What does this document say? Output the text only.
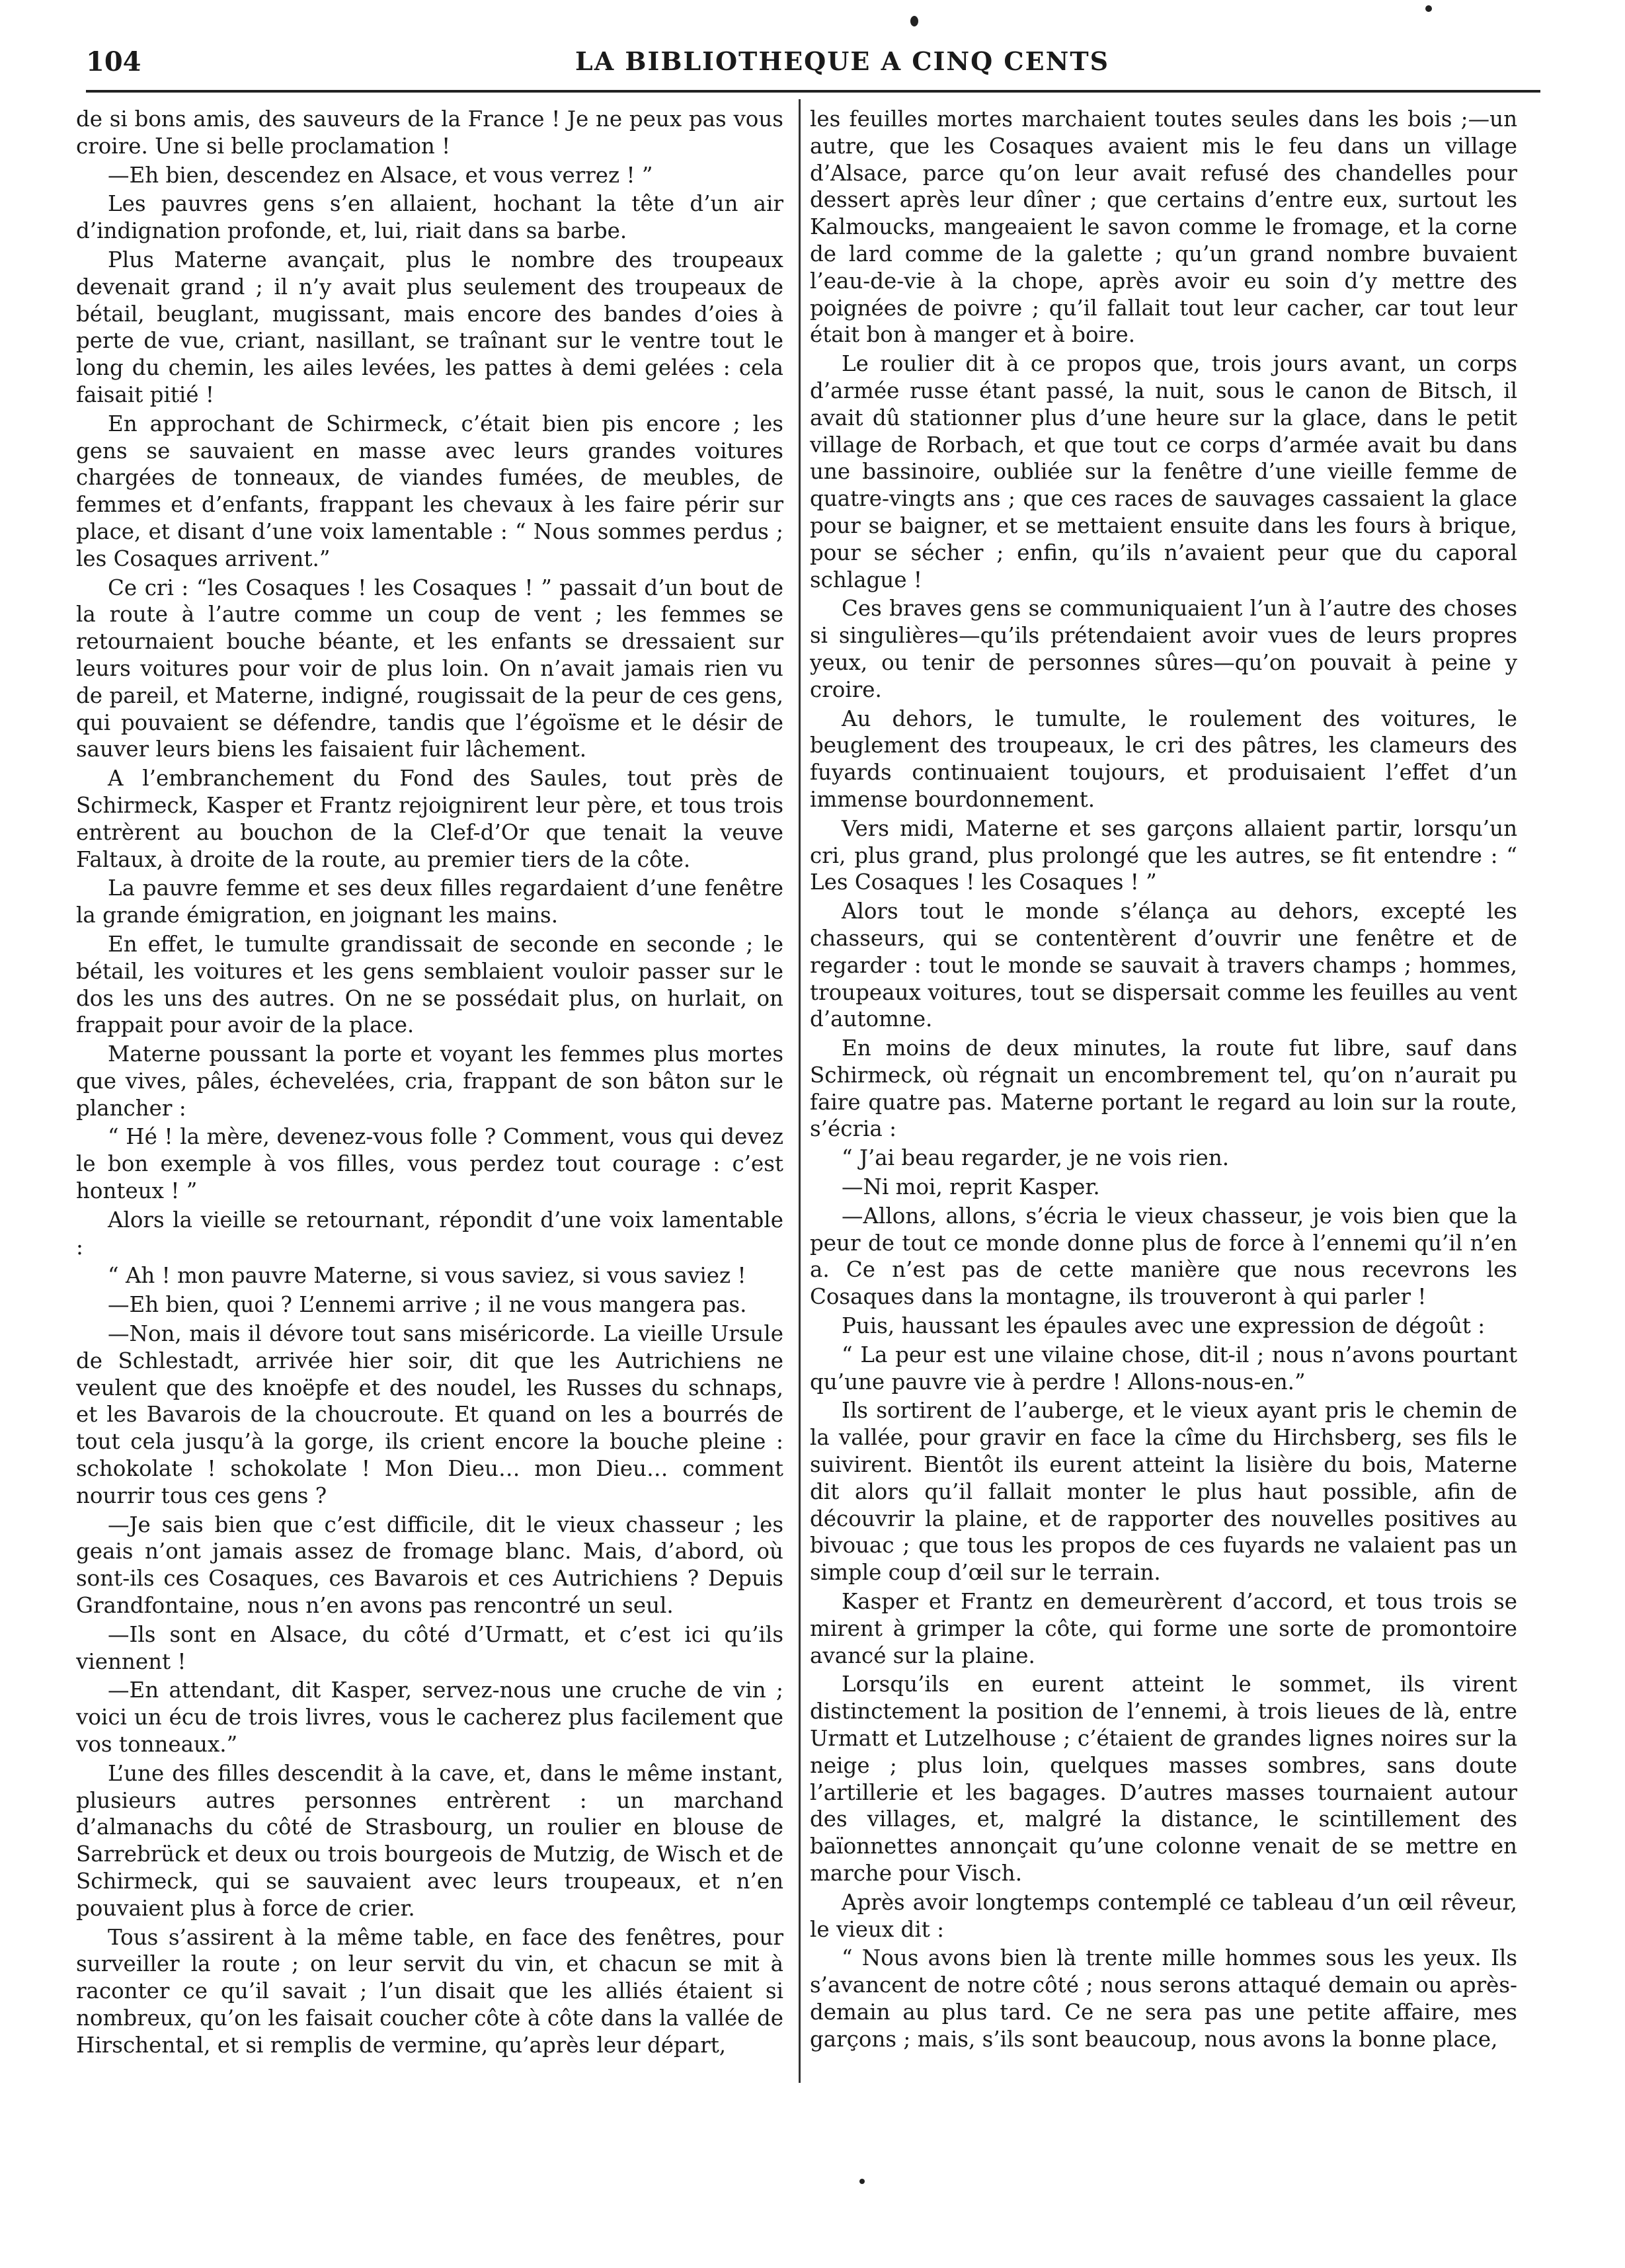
104	LA BIBLIOTHEQUE A CINQ CENTS

de si bons amis, des sauveurs de la France ! Je ne peux pas vous croire. Une si belle proclamation !

—Eh bien, descendez en Alsace, et vous verrez ! ”

Les pauvres gens s’en allaient, hochant la tête d’un air d’indignation profonde, et, lui, riait dans sa barbe.

Plus Materne avançait, plus le nombre des troupeaux devenait grand ; il n’y avait plus seulement des troupeaux de bétail, beuglant, mugissant, mais encore des bandes d’oies à perte de vue, criant, nasillant, se traînant sur le ventre tout le long du chemin, les ailes levées, les pattes à demi gelées : cela faisait pitié !

En approchant de Schirmeck, c’était bien pis encore ; les gens se sauvaient en masse avec leurs grandes voitures chargées de tonneaux, de viandes fumées, de meubles, de femmes et d’enfants, frappant les chevaux à les faire périr sur place, et disant d’une voix lamentable : “ Nous sommes perdus ; les Cosaques arrivent.”

Ce cri : “les Cosaques ! les Cosaques ! ” passait d’un bout de la route à l’autre comme un coup de vent ; les femmes se retournaient bouche béante, et les enfants se dressaient sur leurs voitures pour voir de plus loin. On n’avait jamais rien vu de pareil, et Materne, indigné, rougissait de la peur de ces gens, qui pouvaient se défendre, tandis que l’égoïsme et le désir de sauver leurs biens les faisaient fuir lâchement.

A l’embranchement du Fond des Saules, tout près de Schirmeck, Kasper et Frantz rejoignirent leur père, et tous trois entrèrent au bouchon de la Clef-d’Or que tenait la veuve Faltaux, à droite de la route, au premier tiers de la côte.

La pauvre femme et ses deux filles regardaient d’une fenêtre la grande émigration, en joignant les mains.

En effet, le tumulte grandissait de seconde en seconde ; le bétail, les voitures et les gens semblaient vouloir passer sur le dos les uns des autres. On ne se possédait plus, on hurlait, on frappait pour avoir de la place.

Materne poussant la porte et voyant les femmes plus mortes que vives, pâles, échevelées, cria, frappant de son bâton sur le plancher :

“ Hé ! la mère, devenez-vous folle ? Comment, vous qui devez le bon exemple à vos filles, vous perdez tout courage : c’est honteux ! ”

Alors la vieille se retournant, répondit d’une voix lamentable :

“ Ah ! mon pauvre Materne, si vous saviez, si vous saviez !

—Eh bien, quoi ? L’ennemi arrive ; il ne vous mangera pas.

—Non, mais il dévore tout sans miséricorde. La vieille Ursule de Schlestadt, arrivée hier soir, dit que les Autrichiens ne veulent que des knoëpfe et des noudel, les Russes du schnaps, et les Bavarois de la choucroute. Et quand on les a bourrés de tout cela jusqu’à la gorge, ils crient encore la bouche pleine : schokolate ! schokolate ! Mon Dieu… mon Dieu… comment nourrir tous ces gens ?

—Je sais bien que c’est difficile, dit le vieux chasseur ; les geais n’ont jamais assez de fromage blanc. Mais, d’abord, où sont-ils ces Cosaques, ces Bavarois et ces Autrichiens ? Depuis Grandfontaine, nous n’en avons pas rencontré un seul.

—Ils sont en Alsace, du côté d’Urmatt, et c’est ici qu’ils viennent !

—En attendant, dit Kasper, servez-nous une cruche de vin ; voici un écu de trois livres, vous le cacherez plus facilement que vos tonneaux.”

L’une des filles descendit à la cave, et, dans le même instant, plusieurs autres personnes entrèrent : un marchand d’almanachs du côté de Strasbourg, un roulier en blouse de Sarrebrück et deux ou trois bourgeois de Mutzig, de Wisch et de Schirmeck, qui se sauvaient avec leurs troupeaux, et n’en pouvaient plus à force de crier.

Tous s’assirent à la même table, en face des fenêtres, pour surveiller la route ; on leur servit du vin, et chacun se mit à raconter ce qu’il savait ; l’un disait que les alliés étaient si nombreux, qu’on les faisait coucher côte à côte dans la vallée de Hirschental, et si remplis de vermine, qu’après leur départ,

les feuilles mortes marchaient toutes seules dans les bois ;—un autre, que les Cosaques avaient mis le feu dans un village d’Alsace, parce qu’on leur avait refusé des chandelles pour dessert après leur dîner ; que certains d’entre eux, surtout les Kalmoucks, mangeaient le savon comme le fromage, et la corne de lard comme de la galette ; qu’un grand nombre buvaient l’eau-de-vie à la chope, après avoir eu soin d’y mettre des poignées de poivre ; qu’il fallait tout leur cacher, car tout leur était bon à manger et à boire.

Le roulier dit à ce propos que, trois jours avant, un corps d’armée russe étant passé, la nuit, sous le canon de Bitsch, il avait dû stationner plus d’une heure sur la glace, dans le petit village de Rorbach, et que tout ce corps d’armée avait bu dans une bassinoire, oubliée sur la fenêtre d’une vieille femme de quatre-vingts ans ; que ces races de sauvages cassaient la glace pour se baigner, et se mettaient ensuite dans les fours à brique, pour se sécher ; enfin, qu’ils n’avaient peur que du caporal schlague !

Ces braves gens se communiquaient l’un à l’autre des choses si singulières—qu’ils prétendaient avoir vues de leurs propres yeux, ou tenir de personnes sûres—qu’on pouvait à peine y croire.

Au dehors, le tumulte, le roulement des voitures, le beuglement des troupeaux, le cri des pâtres, les clameurs des fuyards continuaient toujours, et produisaient l’effet d’un immense bourdonnement.

Vers midi, Materne et ses garçons allaient partir, lorsqu’un cri, plus grand, plus prolongé que les autres, se fit entendre : “ Les Cosaques ! les Cosaques ! ”

Alors tout le monde s’élança au dehors, excepté les chasseurs, qui se contentèrent d’ouvrir une fenêtre et de regarder : tout le monde se sauvait à travers champs ; hommes, troupeaux voitures, tout se dispersait comme les feuilles au vent d’automne.

En moins de deux minutes, la route fut libre, sauf dans Schirmeck, où régnait un encombrement tel, qu’on n’aurait pu faire quatre pas. Materne portant le regard au loin sur la route, s’écria :

“ J’ai beau regarder, je ne vois rien.

—Ni moi, reprit Kasper.

—Allons, allons, s’écria le vieux chasseur, je vois bien que la peur de tout ce monde donne plus de force à l’ennemi qu’il n’en a. Ce n’est pas de cette manière que nous recevrons les Cosaques dans la montagne, ils trouveront à qui parler !

Puis, haussant les épaules avec une expression de dégoût :

“ La peur est une vilaine chose, dit-il ; nous n’avons pourtant qu’une pauvre vie à perdre ! Allons-nous-en.”

Ils sortirent de l’auberge, et le vieux ayant pris le chemin de la vallée, pour gravir en face la cîme du Hirchsberg, ses fils le suivirent. Bientôt ils eurent atteint la lisière du bois, Materne dit alors qu’il fallait monter le plus haut possible, afin de découvrir la plaine, et de rapporter des nouvelles positives au bivouac ; que tous les propos de ces fuyards ne valaient pas un simple coup d’œil sur le terrain.

Kasper et Frantz en demeurèrent d’accord, et tous trois se mirent à grimper la côte, qui forme une sorte de promontoire avancé sur la plaine.

Lorsqu’ils en eurent atteint le sommet, ils virent distinctement la position de l’ennemi, à trois lieues de là, entre Urmatt et Lutzelhouse ; c’étaient de grandes lignes noires sur la neige ; plus loin, quelques masses sombres, sans doute l’artillerie et les bagages. D’autres masses tournaient autour des villages, et, malgré la distance, le scintillement des baïonnettes annonçait qu’une colonne venait de se mettre en marche pour Visch.

Après avoir longtemps contemplé ce tableau d’un œil rêveur, le vieux dit :

“ Nous avons bien là trente mille hommes sous les yeux. Ils s’avancent de notre côté ; nous serons attaqué demain ou après-demain au plus tard. Ce ne sera pas une petite affaire, mes garçons ; mais, s’ils sont beaucoup, nous avons la bonne place,
